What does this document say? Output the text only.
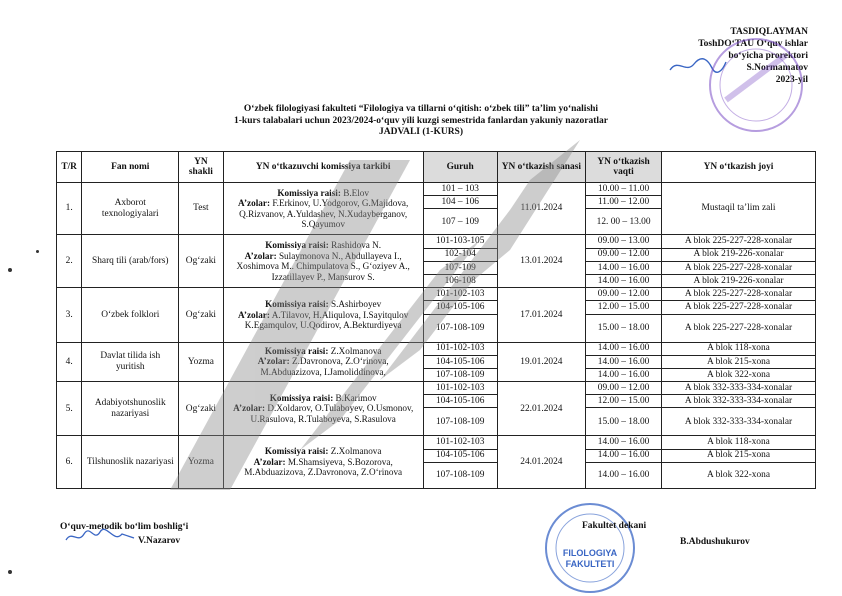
TASDIQLAYMAN
ToshDO‘TAU O‘quv ishlar
bo‘yicha prorektori
S.Normamatov
2023-yil
O‘zbek filologiyasi fakulteti “Filologiya va tillarni o‘qitish: o‘zbek tili” ta’lim yo‘nalishi
1-kurs talabalari uchun 2023/2024-o‘quv yili kuzgi semestrida fanlardan yakuniy nazoratlar
JADVALI (1-KURS)
T/R	Fan nomi	YN shakli	YN o‘tkazuvchi komissiya tarkibi	Guruh	YN o‘tkazish sanasi	YN o‘tkazish vaqti	YN o‘tkazish joyi
1.	Axborot texnologiyalari	Test	Komissiya raisi: B.Elov
A’zolar: F.Erkinov, U.Yodgorov, G.Majidova, Q.Rizvanov, A.Yuldashev, N.Xudayberganov, S.Qayumov	101 – 103	11.01.2024	10.00 – 11.00	Mustaqil ta’lim zali
				104 – 106		11.00 – 12.00	
				107 – 109		12. 00 – 13.00	
2.	Sharq tili (arab/fors)	Og‘zaki	Komissiya raisi: Rashidova N.
A’zolar: Sulaymonova N., Abdullayeva I., Xoshimova M.. Chimpulatova S., G‘oziyev A., Izzatillayev P., Mansurov S.	101-103-105	13.01.2024	09.00 – 13.00	A blok 225-227-228-xonalar
				102-104		09.00 – 12.00	A blok 219-226-xonalar
				107-109		14.00 – 16.00	A blok 225-227-228-xonalar
				106-108		14.00 – 16.00	A blok 219-226-xonalar
3.	O‘zbek folklori	Og‘zaki	Komissiya raisi: S.Ashirboyev
A’zolar: A.Tilavov, H.Aliqulova, I.Sayitqulov K.Egamqulov, U.Qodirov, A.Bekturdiyeva	101-102-103	17.01.2024	09.00 – 12.00	A blok 225-227-228-xonalar
				104-105-106		12.00 – 15.00	A blok 225-227-228-xonalar
				107-108-109		15.00 – 18.00	A blok 225-227-228-xonalar
4.	Davlat tilida ish yuritish	Yozma	Komissiya raisi: Z.Xolmanova
A’zolar: Z.Davronova, Z.O‘rinova, M.Abduazizova, I.Jamoliddinova,	101-102-103	19.01.2024	14.00 – 16.00	A blok 118-xona
				104-105-106		14.00 – 16.00	A blok 215-xona
				107-108-109		14.00 – 16.00	A blok 322-xona
5.	Adabiyotshunoslik nazariyasi	Og‘zaki	Komissiya raisi: B.Karimov
A’zolar: D.Xoldarov, O.Tulaboyev, O.Usmonov, U.Rasulova, R.Tulaboyeva, S.Rasulova	101-102-103	22.01.2024	09.00 – 12.00	A blok 332-333-334-xonalar
				104-105-106		12.00 – 15.00	A blok 332-333-334-xonalar
				107-108-109		15.00 – 18.00	A blok 332-333-334-xonalar
6.	Tilshunoslik nazariyasi	Yozma	Komissiya raisi: Z.Xolmanova
A’zolar: M.Shamsiyeva, S.Bozorova, M.Abduazizova, Z.Davronova, Z.O‘rinova	101-102-103	24.01.2024	14.00 – 16.00	A blok 118-xona
				104-105-106		14.00 – 16.00	A blok 215-xona
				107-108-109		14.00 – 16.00	A blok 322-xona
O‘quv-metodik bo‘lim boshlig‘i
V.Nazarov
FILOLOGIYA
FAKULTETI
Fakultet dekani
B.Abdushukurov
